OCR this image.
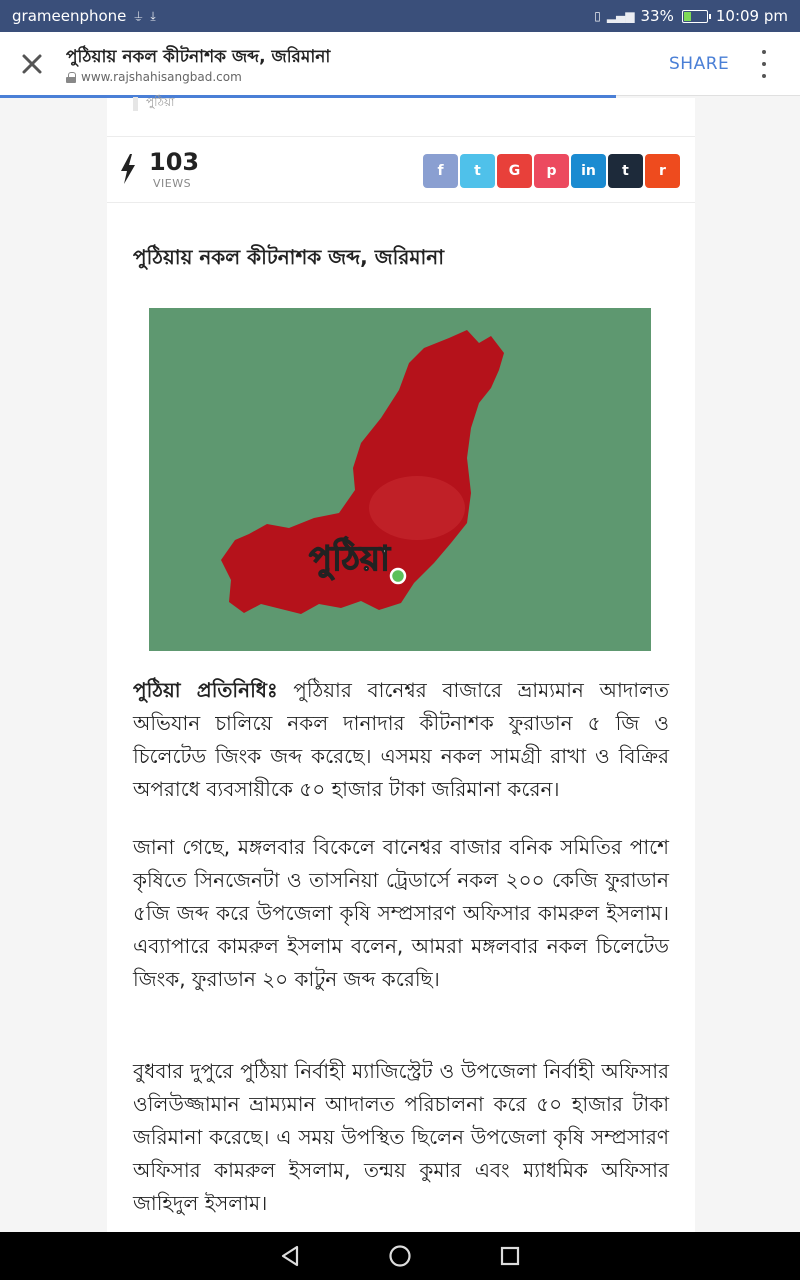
grameenphone ⏚ ⤓	▯ ▂▄▆ 33%	10:09 pm
পুঠিয়ায় নকল কীটনাশক জব্দ, জরিমানা
www.rajshahisangbad.com
SHARE
পুঠিয়া
103
VIEWS
f	t	G	p	in	t	r
পুঠিয়ায় নকল কীটনাশক জব্দ, জরিমানা
পুঠিয়া
পুঠিয়া প্রতিনিধিঃ পুঠিয়ার বানেশ্বর বাজারে ভ্রাম্যমান আদালত অভিযান চালিয়ে নকল দানাদার কীটনাশক ফুরাডান ৫ জি ও চিলেটেড জিংক জব্দ করেছে। এসময় নকল সামগ্রী রাখা ও বিক্রির অপরাধে ব্যবসায়ীকে ৫০ হাজার টাকা জরিমানা করেন।
জানা গেছে, মঙ্গলবার বিকেলে বানেশ্বর বাজার বনিক সমিতির পাশে কৃষিতে সিনজেনটা ও তাসনিয়া ট্রেডার্সে নকল ২০০ কেজি ফুরাডান ৫জি জব্দ করে উপজেলা কৃষি সম্প্রসারণ অফিসার কামরুল ইসলাম। এব্যাপারে কামরুল ইসলাম বলেন, আমরা মঙ্গলবার নকল চিলেটেড জিংক, ফুরাডান ২০ কাটুন জব্দ করেছি।
বুধবার দুপুরে পুঠিয়া নির্বাহী ম্যাজিস্ট্রেট ও উপজেলা নির্বাহী অফিসার ওলিউজ্জামান ভ্রাম্যমান আদালত পরিচালনা করে ৫০ হাজার টাকা জরিমানা করেছে। এ সময় উপস্থিত ছিলেন উপজেলা কৃষি সম্প্রসারণ অফিসার কামরুল ইসলাম, তন্ময় কুমার এবং ম্যাধমিক অফিসার জাহিদুল ইসলাম।
